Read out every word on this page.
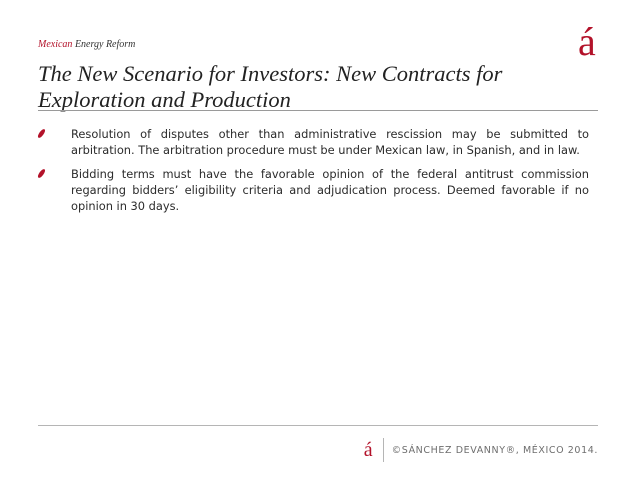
Mexican Energy Reform	á
The New Scenario for Investors: New Contracts for Exploration and Production
Resolution of disputes other than administrative rescission may be submitted to arbitration. The arbitration procedure must be under Mexican law, in Spanish, and in law.
Bidding terms must have the favorable opinion of the federal antitrust commission regarding bidders’ eligibility criteria and adjudication process. Deemed favorable if no opinion in 30 days.
á ©SÁNCHEZ DEVANNY®, MÉXICO 2014.
